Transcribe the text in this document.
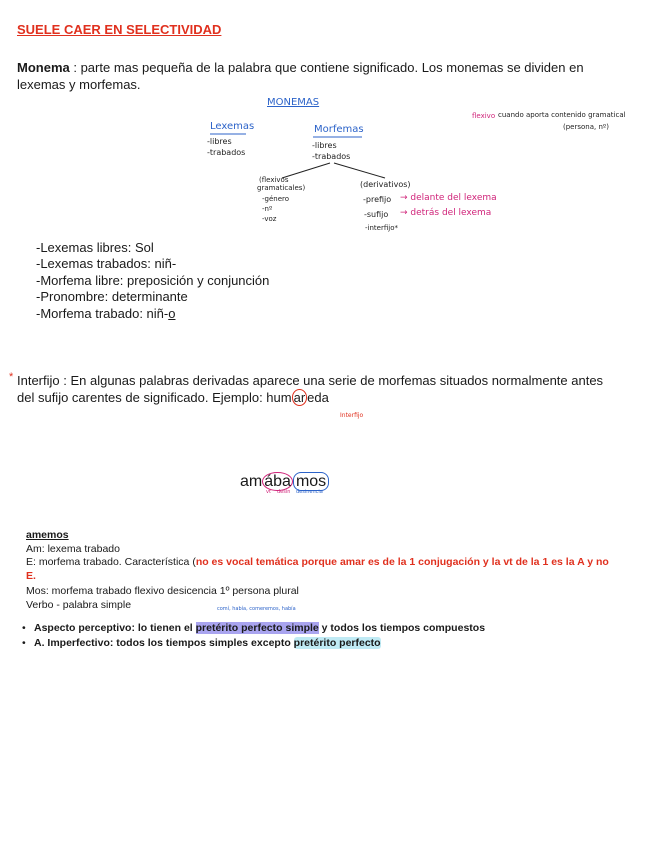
SUELE CAER EN SELECTIVIDAD
Monema : parte mas pequeña de la palabra que contiene significado. Los monemas se dividen en lexemas y morfemas.
MONEMAS
Lexemas
-libres
-trabados
Morfemas
-libres
-trabados
(flexivos
gramaticales)
-género
-nº
-voz
(derivativos)
-prefijo → delante del lexema
-sufijo → detrás del lexema
-interfijo*
flexivo cuando aporta contenido gramatical
(persona, nº)
-Lexemas libres: Sol
-Lexemas trabados: niñ-
-Morfema libre: preposición y conjunción
-Pronombre: determinante
-Morfema trabado: niñ-o
* Interfijo : En algunas palabras derivadas aparece una serie de morfemas situados normalmente antes del sufijo carentes de significado. Ejemplo: hum ar eda
Interfijo
am ába mos
vt desin desinencia
amemos
Am: lexema trabado
E: morfema trabado. Característica (no es vocal temática porque amar es de la 1 conjugación y la vt de la 1 es la A y no E.
Mos: morfema trabado flexivo desicencia 1º persona plural
Verbo - palabra simple	comí, había, comeremos, había
• Aspecto perceptivo: lo tienen el pretérito perfecto simple y todos los tiempos compuestos
• A. Imperfectivo: todos los tiempos simples excepto pretérito perfecto
